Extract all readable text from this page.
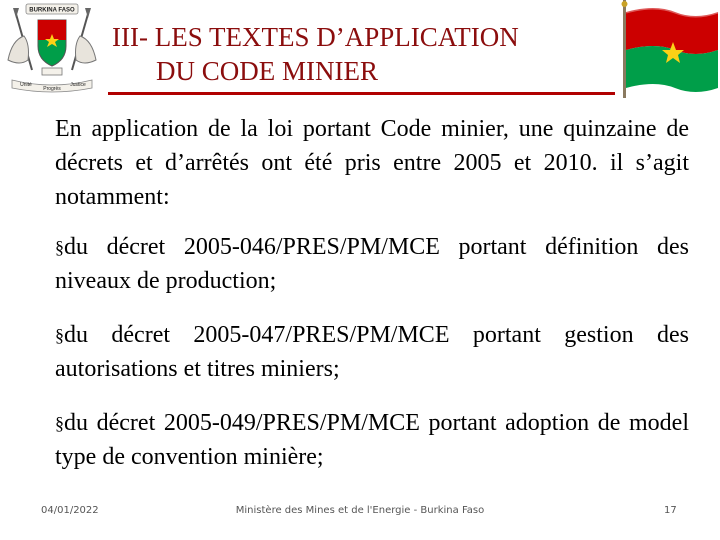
BURKINA FASO
Unité
Progrès
Justice
III- LES TEXTES D’APPLICATION
DU CODE MINIER

En application de la loi portant Code minier, une quinzaine de décrets et d’arrêtés ont été pris entre 2005 et 2010. il s’agit notamment:

§du décret 2005-046/PRES/PM/MCE portant définition des niveaux de production;

§du décret 2005-047/PRES/PM/MCE portant gestion des autorisations et titres miniers;

§du décret 2005-049/PRES/PM/MCE portant adoption de model type de convention minière;

04/01/2022	Ministère des Mines et de l'Energie - Burkina Faso	17
